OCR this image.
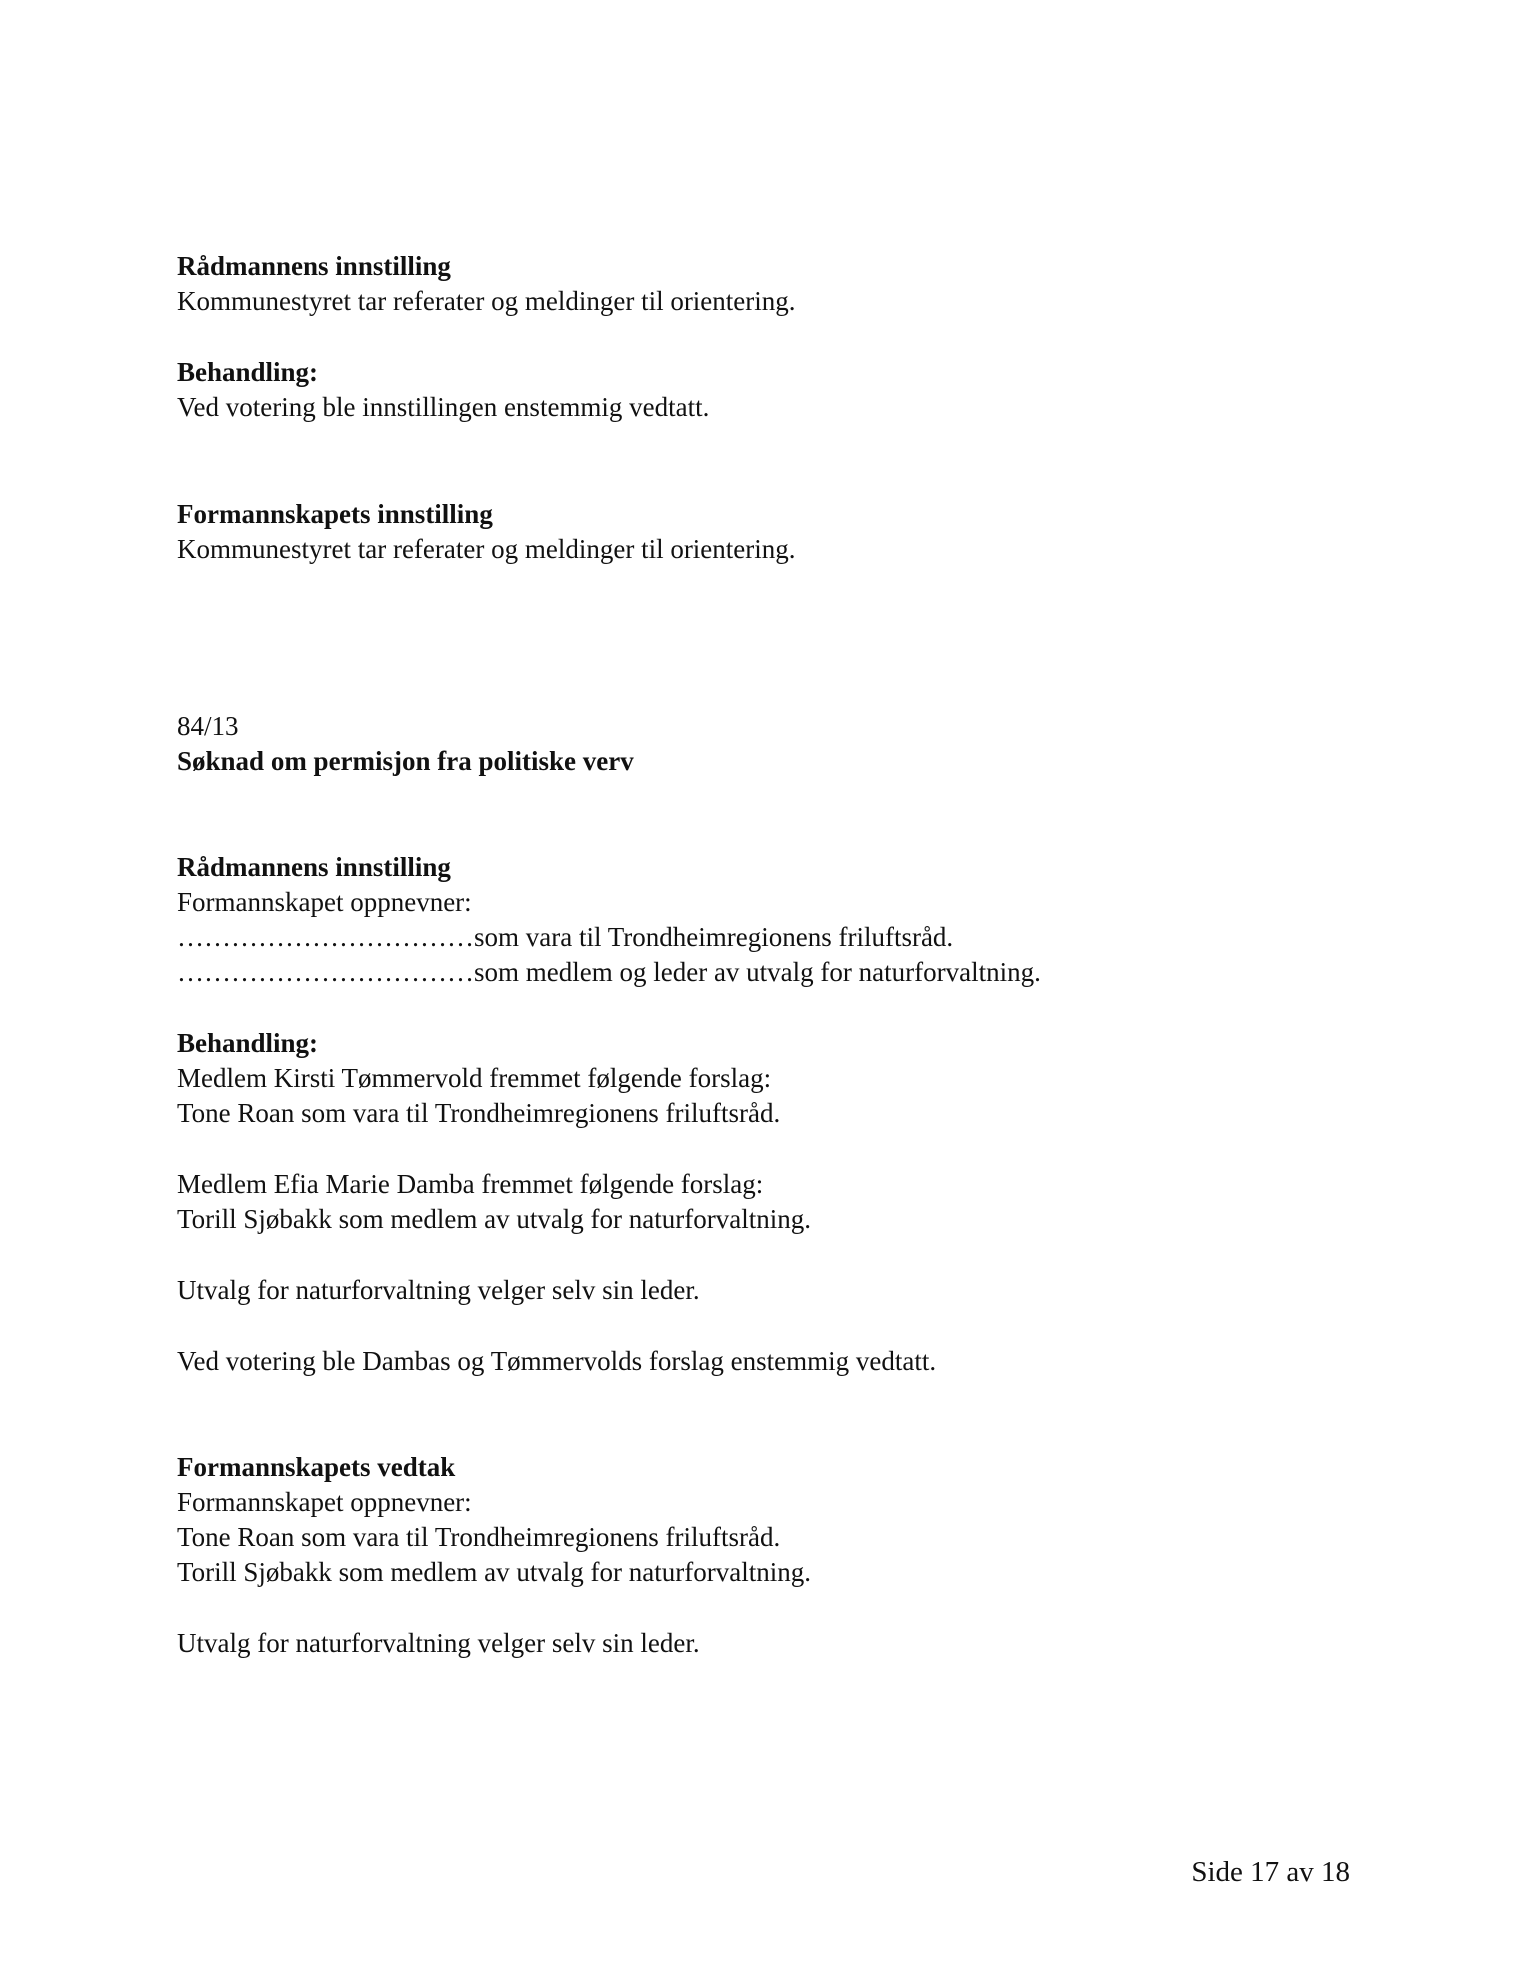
Rådmannens innstilling
Kommunestyret tar referater og meldinger til orientering.
Behandling:
Ved votering ble innstillingen enstemmig vedtatt.
Formannskapets innstilling
Kommunestyret tar referater og meldinger til orientering.
84/13
Søknad om permisjon fra politiske verv
Rådmannens innstilling
Formannskapet oppnevner:
……………………………som vara til Trondheimregionens friluftsråd.
……………………………som medlem og leder av utvalg for naturforvaltning.
Behandling:
Medlem Kirsti Tømmervold fremmet følgende forslag:
Tone Roan som vara til Trondheimregionens friluftsråd.
Medlem Efia Marie Damba fremmet følgende forslag:
Torill Sjøbakk som medlem av utvalg for naturforvaltning.
Utvalg for naturforvaltning velger selv sin leder.
Ved votering ble Dambas og Tømmervolds forslag enstemmig vedtatt.
Formannskapets vedtak
Formannskapet oppnevner:
Tone Roan som vara til Trondheimregionens friluftsråd.
Torill Sjøbakk som medlem av utvalg for naturforvaltning.
Utvalg for naturforvaltning velger selv sin leder.
Side 17 av 18
